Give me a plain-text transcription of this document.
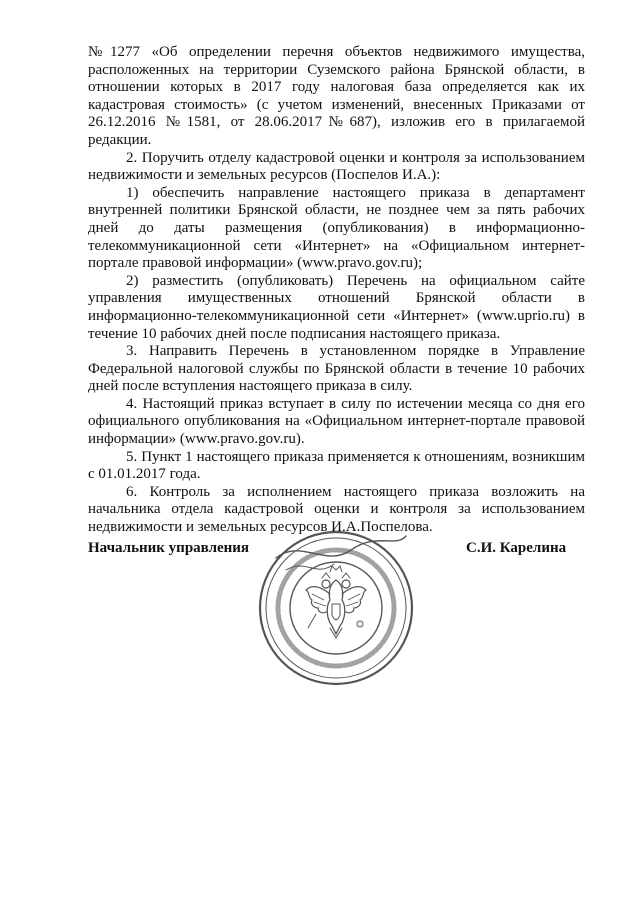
№1277 «Об определении перечня объектов недвижимого имущества, расположенных на территории Суземского района Брянской области, в отношении которых в 2017 году налоговая база определяется как их кадастровая стоимость» (с учетом изменений, внесенных Приказами от 26.12.2016 №1581, от 28.06.2017№687), изложив его в прилагаемой редакции.

2. Поручить отделу кадастровой оценки и контроля за использованием недвижимости и земельных ресурсов (Поспелов И.А.):

1) обеспечить направление настоящего приказа в департамент внутренней политики Брянской области, не позднее чем за пять рабочих дней до даты размещения (опубликования) в информационно-телекоммуникационной сети «Интернет» на «Официальном интернет-портале правовой информации» (www.pravo.gov.ru);

2) разместить (опубликовать) Перечень на официальном сайте управления имущественных отношений Брянской области в информационно-телекоммуникационной сети «Интернет» (www.uprio.ru) в течение 10 рабочих дней после подписания настоящего приказа.

3. Направить Перечень в установленном порядке в Управление Федеральной налоговой службы по Брянской области в течение 10 рабочих дней после вступления настоящего приказа в силу.

4. Настоящий приказ вступает в силу по истечении месяца со дня его официального опубликования на «Официальном интернет-портале правовой информации» (www.pravo.gov.ru).

5. Пункт 1 настоящего приказа применяется к отношениям, возникшим с 01.01.2017 года.

6. Контроль за исполнением настоящего приказа возложить на начальника отдела кадастровой оценки и контроля за использованием недвижимости и земельных ресурсов И.А.Поспелова.

Начальник управления	С.И. Карелина
